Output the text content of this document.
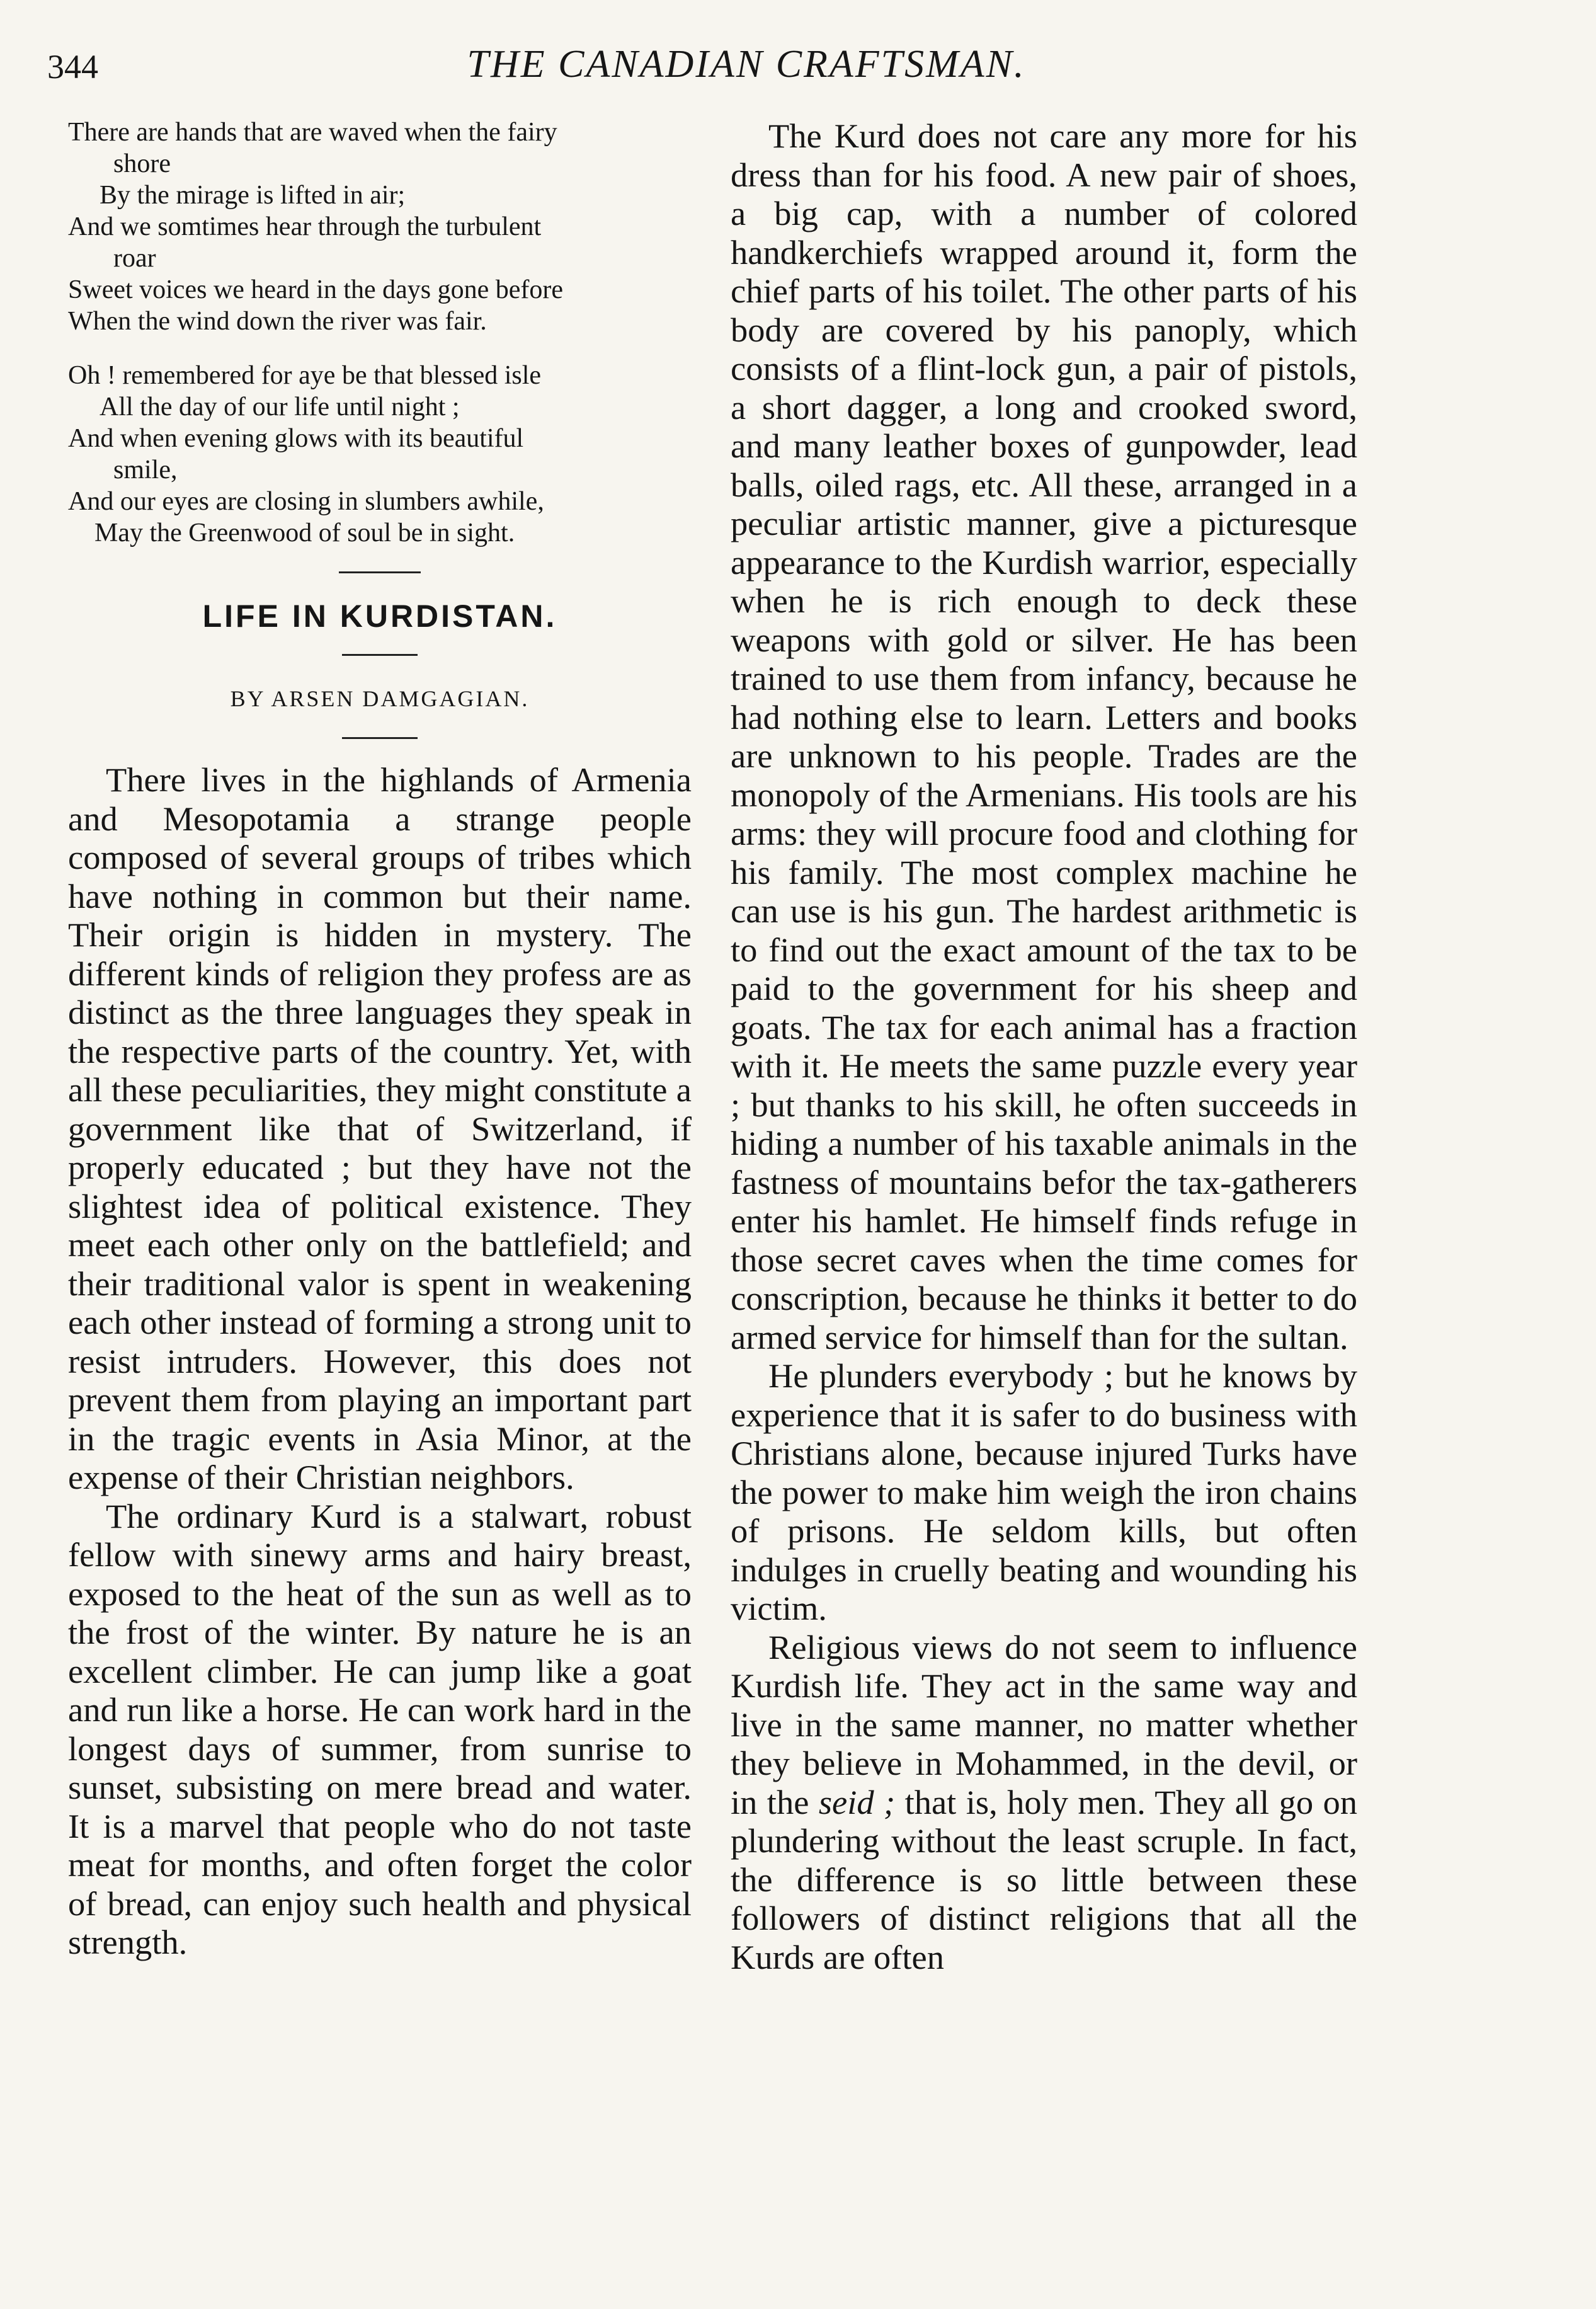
344	THE CANADIAN CRAFTSMAN.
There are hands that are waved when the fairy
shore
By the mirage is lifted in air;
And we somtimes hear through the turbulent
roar
Sweet voices we heard in the days gone before
When the wind down the river was fair.
Oh ! remembered for aye be that blessed isle
All the day of our life until night ;
And when evening glows with its beautiful
smile,
And our eyes are closing in slumbers awhile,
May the Greenwood of soul be in sight.
LIFE IN KURDISTAN.
BY ARSEN DAMGAGIAN.

There lives in the highlands of Armenia and Mesopotamia a strange people composed of several groups of tribes which have nothing in common but their name. Their origin is hidden in mystery. The different kinds of religion they profess are as distinct as the three languages they speak in the respective parts of the country. Yet, with all these peculiarities, they might constitute a government like that of Switzerland, if properly educated ; but they have not the slightest idea of political existence. They meet each other only on the battlefield; and their traditional valor is spent in weakening each other instead of forming a strong unit to resist intruders. However, this does not prevent them from playing an important part in the tragic events in Asia Minor, at the expense of their Christian neighbors.

The ordinary Kurd is a stalwart, robust fellow with sinewy arms and hairy breast, exposed to the heat of the sun as well as to the frost of the winter. By nature he is an excellent climber. He can jump like a goat and run like a horse. He can work hard in the longest days of summer, from sunrise to sunset, subsisting on mere bread and water. It is a marvel that people who do not taste meat for months, and often forget the color of bread, can enjoy such health and physical strength.

The Kurd does not care any more for his dress than for his food. A new pair of shoes, a big cap, with a number of colored handkerchiefs wrapped around it, form the chief parts of his toilet. The other parts of his body are covered by his panoply, which consists of a flint-lock gun, a pair of pistols, a short dagger, a long and crooked sword, and many leather boxes of gunpowder, lead balls, oiled rags, etc. All these, arranged in a peculiar artistic manner, give a picturesque appearance to the Kurdish warrior, especially when he is rich enough to deck these weapons with gold or silver. He has been trained to use them from infancy, because he had nothing else to learn. Letters and books are unknown to his people. Trades are the monopoly of the Armenians. His tools are his arms: they will procure food and clothing for his family. The most complex machine he can use is his gun. The hardest arithmetic is to find out the exact amount of the tax to be paid to the government for his sheep and goats. The tax for each animal has a fraction with it. He meets the same puzzle every year ; but thanks to his skill, he often succeeds in hiding a number of his taxable animals in the fastness of mountains befor the tax-gatherers enter his hamlet. He himself finds refuge in those secret caves when the time comes for conscription, because he thinks it better to do armed service for himself than for the sultan.

He plunders everybody ; but he knows by experience that it is safer to do business with Christians alone, because injured Turks have the power to make him weigh the iron chains of prisons. He seldom kills, but often indulges in cruelly beating and wounding his victim.

Religious views do not seem to influence Kurdish life. They act in the same way and live in the same manner, no matter whether they believe in Mohammed, in the devil, or in the seid ; that is, holy men. They all go on plundering without the least scruple. In fact, the difference is so little between these followers of distinct religions that all the Kurds are often
